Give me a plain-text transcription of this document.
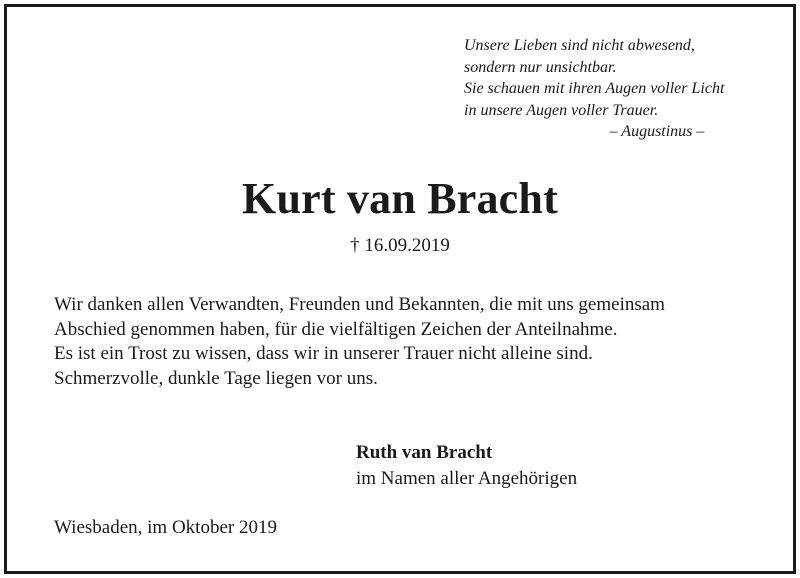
Unsere Lieben sind nicht abwesend,
sondern nur unsichtbar.
Sie schauen mit ihren Augen voller Licht
in unsere Augen voller Trauer.
– Augustinus –
Kurt van Bracht
† 16.09.2019
Wir danken allen Verwandten, Freunden und Bekannten, die mit uns gemeinsam
Abschied genommen haben, für die vielfältigen Zeichen der Anteilnahme.
Es ist ein Trost zu wissen, dass wir in unserer Trauer nicht alleine sind.
Schmerzvolle, dunkle Tage liegen vor uns.
Ruth van Bracht
im Namen aller Angehörigen
Wiesbaden, im Oktober 2019
